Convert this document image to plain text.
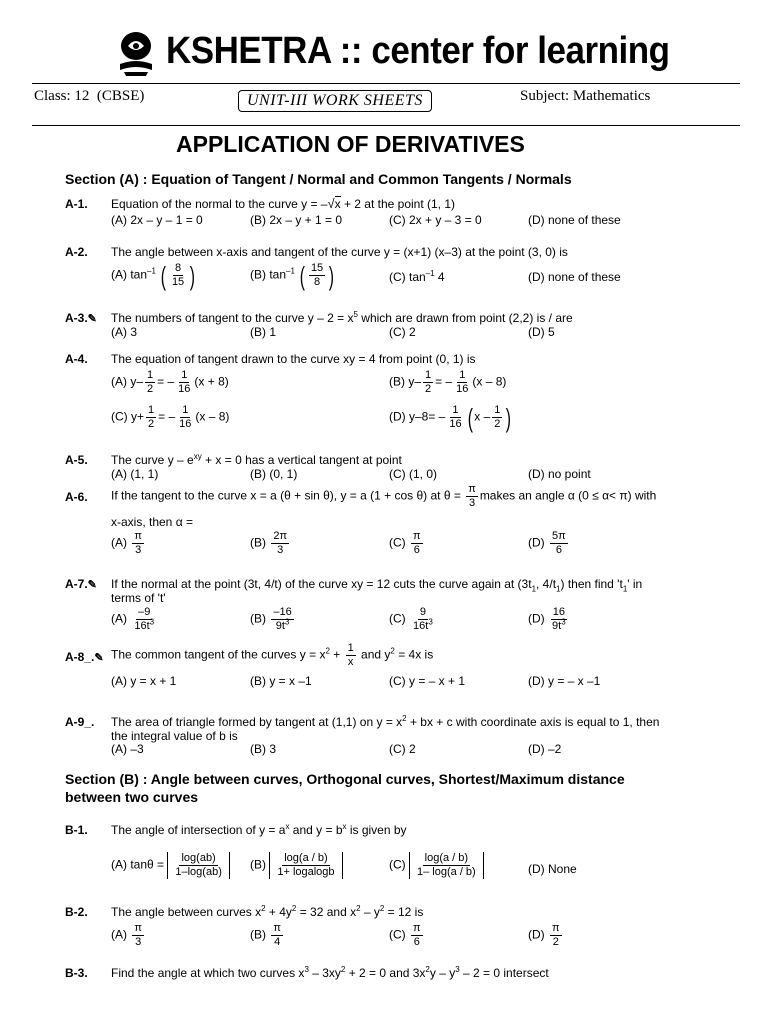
KSHETRA :: center for learning
Class: 12  (CBSE)	UNIT-III WORK SHEETS	Subject: Mathematics
APPLICATION OF DERIVATIVES
Section (A) : Equation of Tangent / Normal and Common Tangents / Normals
A-1. Equation of the normal to the curve y = –√x + 2 at the point (1, 1)
(A) 2x – y – 1 = 0	(B) 2x – y + 1 = 0	(C) 2x + y – 3 = 0	(D) none of these
A-2. The angle between x-axis and tangent of the curve y = (x+1) (x–3) at the point (3, 0) is
(A) $\tan^{-1}$ ( $\frac{8}{15}$ )	(B) $\tan^{-1}$ ( $\frac{15}{8}$ )	(C) $\tan^{-1} 4$	(D) none of these
A-3.✎ The numbers of tangent to the curve $y - 2 = x^5$ which are drawn from point (2,2) is / are
(A) 3	(B) 1	(C) 2	(D) 5
A-4. The equation of tangent drawn to the curve xy = 4 from point (0, 1) is
(A) $y- \frac{1}{2}$ = – $\frac{1}{16} (x + 8)$	(B) $y- \frac{1}{2}$ = – $\frac{1}{16} (x - 8)$
(C) $y+ \frac{1}{2}$ = – $\frac{1}{16} (x - 8)$	(D) $y-8= - \frac{1}{16}$ ( x – $\frac{1}{2}$ )
A-5. The curve $y - e^{xy} + x = 0$ has a vertical tangent at point
(A) (1, 1)	(B) (0, 1)	(C) (1, 0)	(D) no point
A-6. If the tangent to the curve x = a (θ + sin θ), y = a (1 + cos θ) at $\theta = \frac{\pi}{3}$ makes an angle α (0 ≤ α< π) with
x-axis, then α =
$(A) \frac{\pi}{3}$	$(B) \frac{2\pi}{3}$	$(C) \frac{\pi}{6}$	$(D) \frac{5\pi}{6}$
A-7.✎ If the normal at the point (3t, 4/t) of the curve xy = 12 cuts the curve again at ($3t_1$, $4/t_1$) then find '$t_1$' in
terms of 't'
$(A) \frac{-9}{16t^3}$	$(B) \frac{-16}{9t^3}$	$(C) \frac{9}{16t^3}$	$(D) \frac{16}{9t^3}$
A-8_.✎ The common tangent of the curves $y = x^2 + \frac{1}{x}$ and $y^2 = 4x$ is
(A) y = x + 1	(B) y = x –1	(C) y = – x + 1	(D) y = – x –1
A-9_. The area of triangle formed by tangent at (1,1) on $y = x^2$ + bx + c with coordinate axis is equal to 1, then
the integral value of b is
(A) –3	(B) 3	(C) 2	(D) –2
Section (B) : Angle between curves, Orthogonal curves, Shortest/Maximum distance
between two curves
B-1. The angle of intersection of $y = a^x$ and $y = b^x$ is given by
(A) $\tan\theta = \frac{\log(ab)}{1-\log(ab)} (B) \frac{\log(a / b)}{\text{1+ logalogb}}$	$(C) \frac{\log(a / b)}{1- \log(a / b)}$	(D) None
B-2. The angle between curves $x^2 + 4y^2 = 32$ and $x^2 - y^2 = 12$ is
$(A) \frac{\pi}{3}$	$(B) \frac{\pi}{4}$	$(C) \frac{\pi}{6}$	$(D) \frac{\pi}{2}$
B-3. Find the angle at which two curves $x^3 - 3xy^2 + 2 = 0$ and $3x^2y - y^3 - 2 = 0$ intersect
